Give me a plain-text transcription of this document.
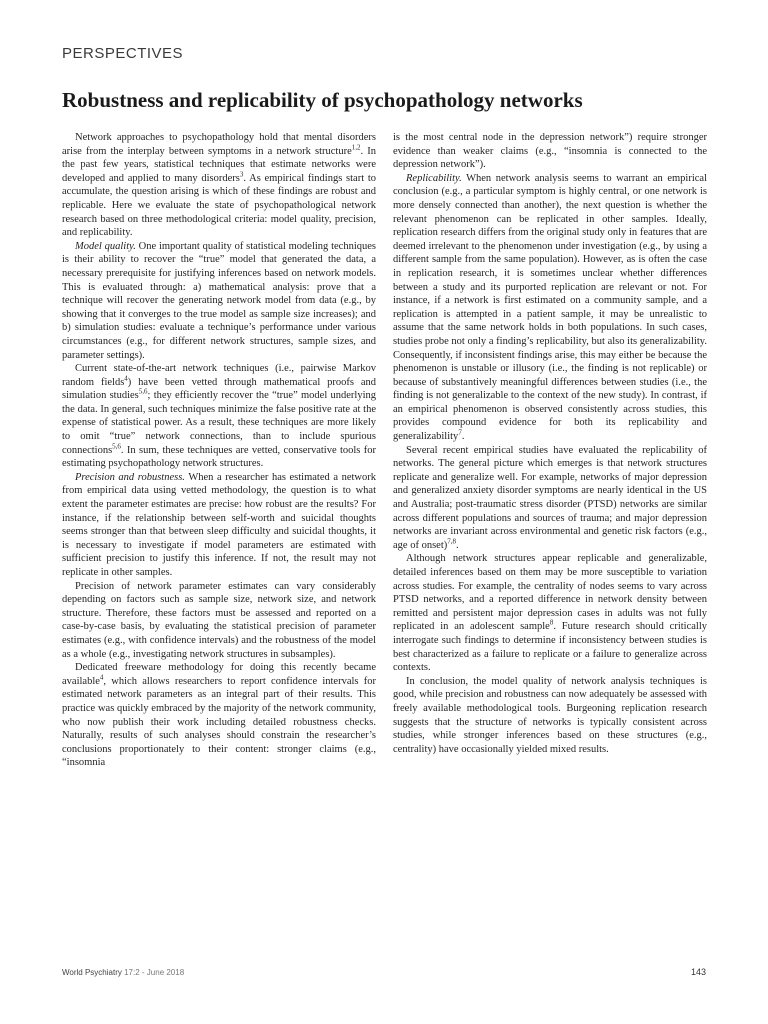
PERSPECTIVES
Robustness and replicability of psychopathology networks

Network approaches to psychopathology hold that mental disorders arise from the interplay between symptoms in a network structure$^{1,2}$. In the past few years, statistical techniques that estimate networks were developed and applied to many disorders$^3$. As empirical findings start to accumulate, the question arising is which of these findings are robust and replicable. Here we evaluate the state of psychopathological network research based on three methodological criteria: model quality, precision, and replicability.

Model quality. One important quality of statistical modeling techniques is their ability to recover the “true” model that generated the data, a necessary prerequisite for justifying inferences based on network models. This is evaluated through: a) mathematical analysis: prove that a technique will recover the generating network model from data (e.g., by showing that it converges to the true model as sample size increases); and b) simulation studies: evaluate a technique’s performance under various circumstances (e.g., for different network structures, sample sizes, and parameter settings).

Current state-of-the-art network techniques (i.e., pairwise Markov random fields$^4$) have been vetted through mathematical proofs and simulation studies$^{5,6}$; they efficiently recover the “true” model underlying the data. In general, such techniques minimize the false positive rate at the expense of statistical power. As a result, these techniques are more likely to omit “true” network connections, than to include spurious connections$^{5,6}$. In sum, these techniques are vetted, conservative tools for estimating psychopathology network structures.

Precision and robustness. When a researcher has estimated a network from empirical data using vetted methodology, the question is to what extent the parameter estimates are precise: how robust are the results? For instance, if the relationship between self-worth and suicidal thoughts seems stronger than that between sleep difficulty and suicidal thoughts, it is necessary to investigate if model parameters are estimated with sufficient precision to justify this inference. If not, the result may not replicate in other samples.

Precision of network parameter estimates can vary considerably depending on factors such as sample size, network size, and network structure. Therefore, these factors must be assessed and reported on a case-by-case basis, by evaluating the statistical precision of parameter estimates (e.g., with confidence intervals) and the robustness of the model as a whole (e.g., investigating network structures in subsamples).

Dedicated freeware methodology for doing this recently became available$^4$, which allows researchers to report confidence intervals for estimated network parameters as an integral part of their results. This practice was quickly embraced by the majority of the network community, who now publish their work including detailed robustness checks. Naturally, results of such analyses should constrain the researcher’s conclusions proportionately to their content: stronger claims (e.g., “insomnia

is the most central node in the depression network”) require stronger evidence than weaker claims (e.g., “insomnia is connected to the depression network”).

Replicability. When network analysis seems to warrant an empirical conclusion (e.g., a particular symptom is highly central, or one network is more densely connected than another), the next question is whether the relevant phenomenon can be replicated in other samples. Ideally, replication research differs from the original study only in features that are deemed irrelevant to the phenomenon under investigation (e.g., by using a different sample from the same population). However, as is often the case in replication research, it is sometimes unclear whether differences between a study and its purported replication are relevant or not. For instance, if a network is first estimated on a community sample, and a replication is attempted in a patient sample, it may be unrealistic to assume that the same network holds in both populations. In such cases, studies probe not only a finding’s replicability, but also its generalizability. Consequently, if inconsistent findings arise, this may either be because the phenomenon is unstable or illusory (i.e., the finding is not replicable) or because of substantively meaningful differences between studies (i.e., the finding is not generalizable to the context of the new study). In contrast, if an empirical phenomenon is observed consistently across studies, this provides compound evidence for both its replicability and generalizability$^7$.

Several recent empirical studies have evaluated the replicability of networks. The general picture which emerges is that network structures replicate and generalize well. For example, networks of major depression and generalized anxiety disorder symptoms are nearly identical in the US and Australia; post-traumatic stress disorder (PTSD) networks are similar across different populations and sources of trauma; and major depression networks are invariant across environmental and genetic risk factors (e.g., age of onset)$^{7,8}$.

Although network structures appear replicable and generalizable, detailed inferences based on them may be more susceptible to variation across studies. For example, the centrality of nodes seems to vary across PTSD networks, and a reported difference in network density between remitted and persistent major depression cases in adults was not fully replicated in an adolescent sample$^8$. Future research should critically interrogate such findings to determine if inconsistency between studies is best characterized as a failure to replicate or a failure to generalize across contexts.

In conclusion, the model quality of network analysis techniques is good, while precision and robustness can now adequately be assessed with freely available methodological tools. Burgeoning replication research suggests that the structure of networks is typically consistent across studies, while stronger inferences based on these structures (e.g., centrality) have occasionally yielded mixed results.

World Psychiatry 17:2 - June 2018	143
